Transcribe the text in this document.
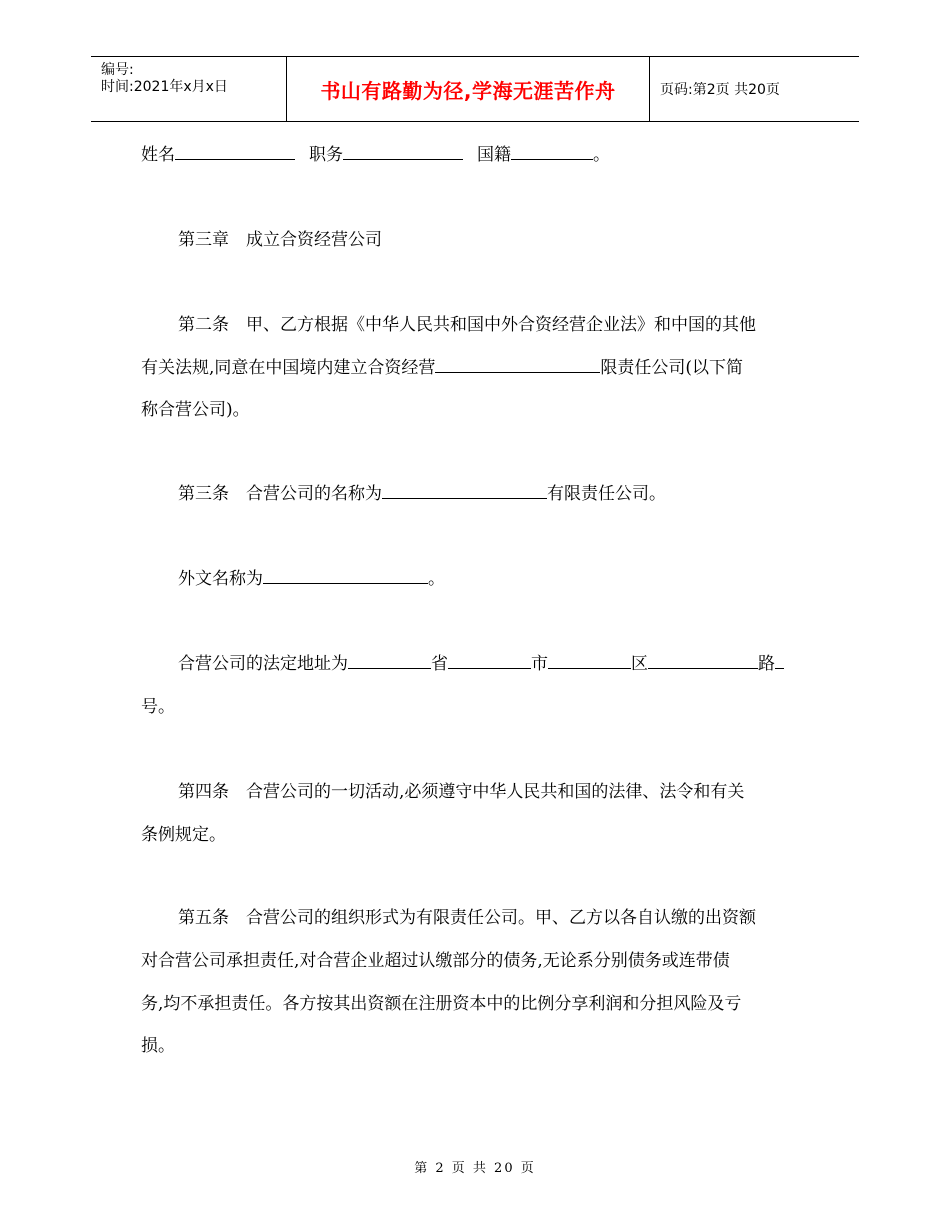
编号:
时间:2021年x月x日	书山有路勤为径,学海无涯苦作舟	页码:第2页 共20页
姓名	职务	国籍	。
第三章　成立合资经营公司
第二条　甲、乙方根据《中华人民共和国中外合资经营企业法》和中国的其他
有关法规,同意在中国境内建立合资经营	限责任公司(以下简
称合营公司)。
第三条　合营公司的名称为	有限责任公司。
外文名称为	。
合营公司的法定地址为	省	市	区	路
号。
第四条　合营公司的一切活动,必须遵守中华人民共和国的法律、法令和有关
条例规定。
第五条　合营公司的组织形式为有限责任公司。甲、乙方以各自认缴的出资额
对合营公司承担责任,对合营企业超过认缴部分的债务,无论系分别债务或连带债
务,均不承担责任。各方按其出资额在注册资本中的比例分享利润和分担风险及亏
损。
第 2 页 共 20 页
